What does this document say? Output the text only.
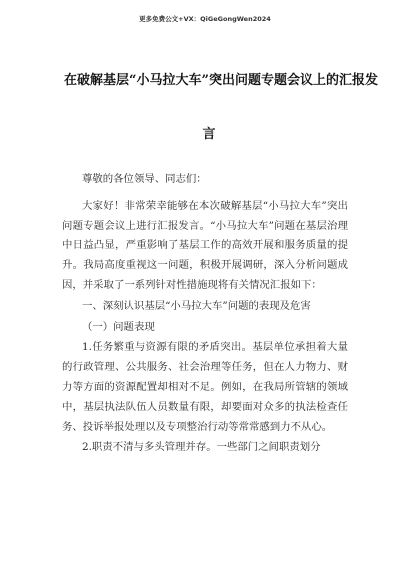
更多免费公文+VX：QiGeGongWen2024
在破解基层“小马拉大车”突出问题专题会议上的汇报发
言

尊敬的各位领导、同志们：

大家好！非常荣幸能够在本次破解基层“小马拉大车”突出问题专题会议上进行汇报发言。“小马拉大车”问题在基层治理中日益凸显，严重影响了基层工作的高效开展和服务质量的提升。我局高度重视这一问题，积极开展调研，深入分析问题成因，并采取了一系列针对性措施现将有关情况汇报如下：

一、深刻认识基层“小马拉大车”问题的表现及危害

（一）问题表现

1.任务繁重与资源有限的矛盾突出。基层单位承担着大量的行政管理、公共服务、社会治理等任务，但在人力物力、财力等方面的资源配置却相对不足。例如，在我局所管辖的领域中，基层执法队伍人员数量有限，却要面对众多的执法检查任务、投诉举报处理以及专项整治行动等常常感到力不从心。

2.职责不清与多头管理并存。一些部门之间职责划分
